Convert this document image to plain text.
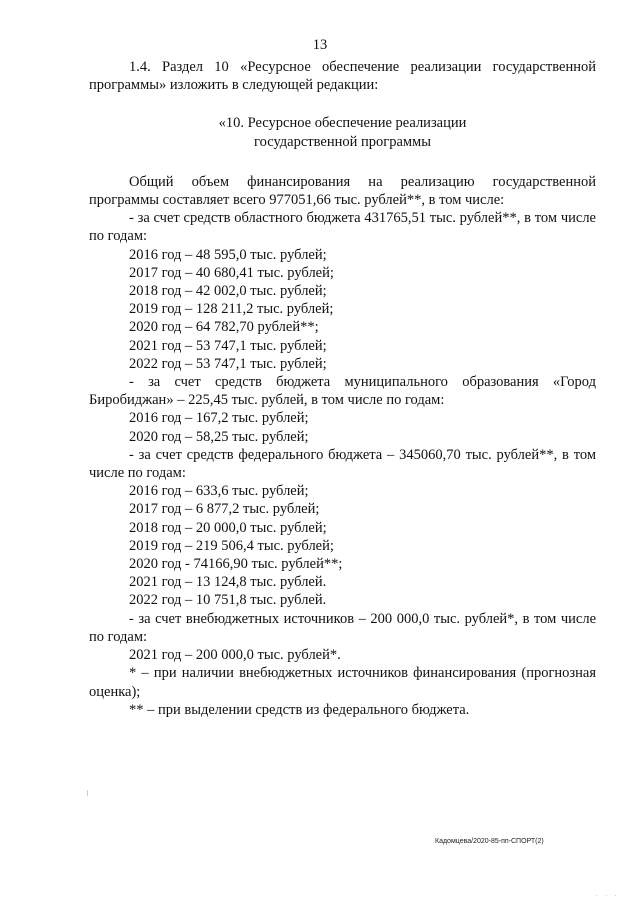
13

1.4. Раздел 10 «Ресурсное обеспечение реализации государственной программы» изложить в следующей редакции:

«10. Ресурсное обеспечение реализации
государственной программы

Общий объем финансирования на реализацию государственной программы составляет всего 977051,66 тыс. рублей**, в том числе:

- за счет средств областного бюджета 431765,51 тыс. рублей**, в том числе по годам:

2016 год – 48 595,0 тыс. рублей;
2017 год – 40 680,41 тыс. рублей;
2018 год – 42 002,0 тыс. рублей;
2019 год – 128 211,2 тыс. рублей;
2020 год – 64 782,70 рублей**;
2021 год – 53 747,1 тыс. рублей;
2022 год – 53 747,1 тыс. рублей;

- за счет средств бюджета муниципального образования «Город Биробиджан» – 225,45 тыс. рублей, в том числе по годам:

2016 год – 167,2 тыс. рублей;
2020 год – 58,25 тыс. рублей;

- за счет средств федерального бюджета – 345060,70 тыс. рублей**, в том числе по годам:

2016 год – 633,6 тыс. рублей;
2017 год – 6 877,2 тыс. рублей;
2018 год – 20 000,0 тыс. рублей;
2019 год – 219 506,4 тыс. рублей;
2020 год - 74166,90 тыс. рублей**;
2021 год – 13 124,8 тыс. рублей.
2022 год – 10 751,8 тыс. рублей.

- за счет внебюджетных источников – 200 000,0 тыс. рублей*, в том числе по годам:

2021 год – 200 000,0 тыс. рублей*.

* – при наличии внебюджетных источников финансирования (прогнозная оценка);

** – при выделении средств из федерального бюджета.
Кадомцева/2020-85-пп-СПОРТ(2)
. . .
